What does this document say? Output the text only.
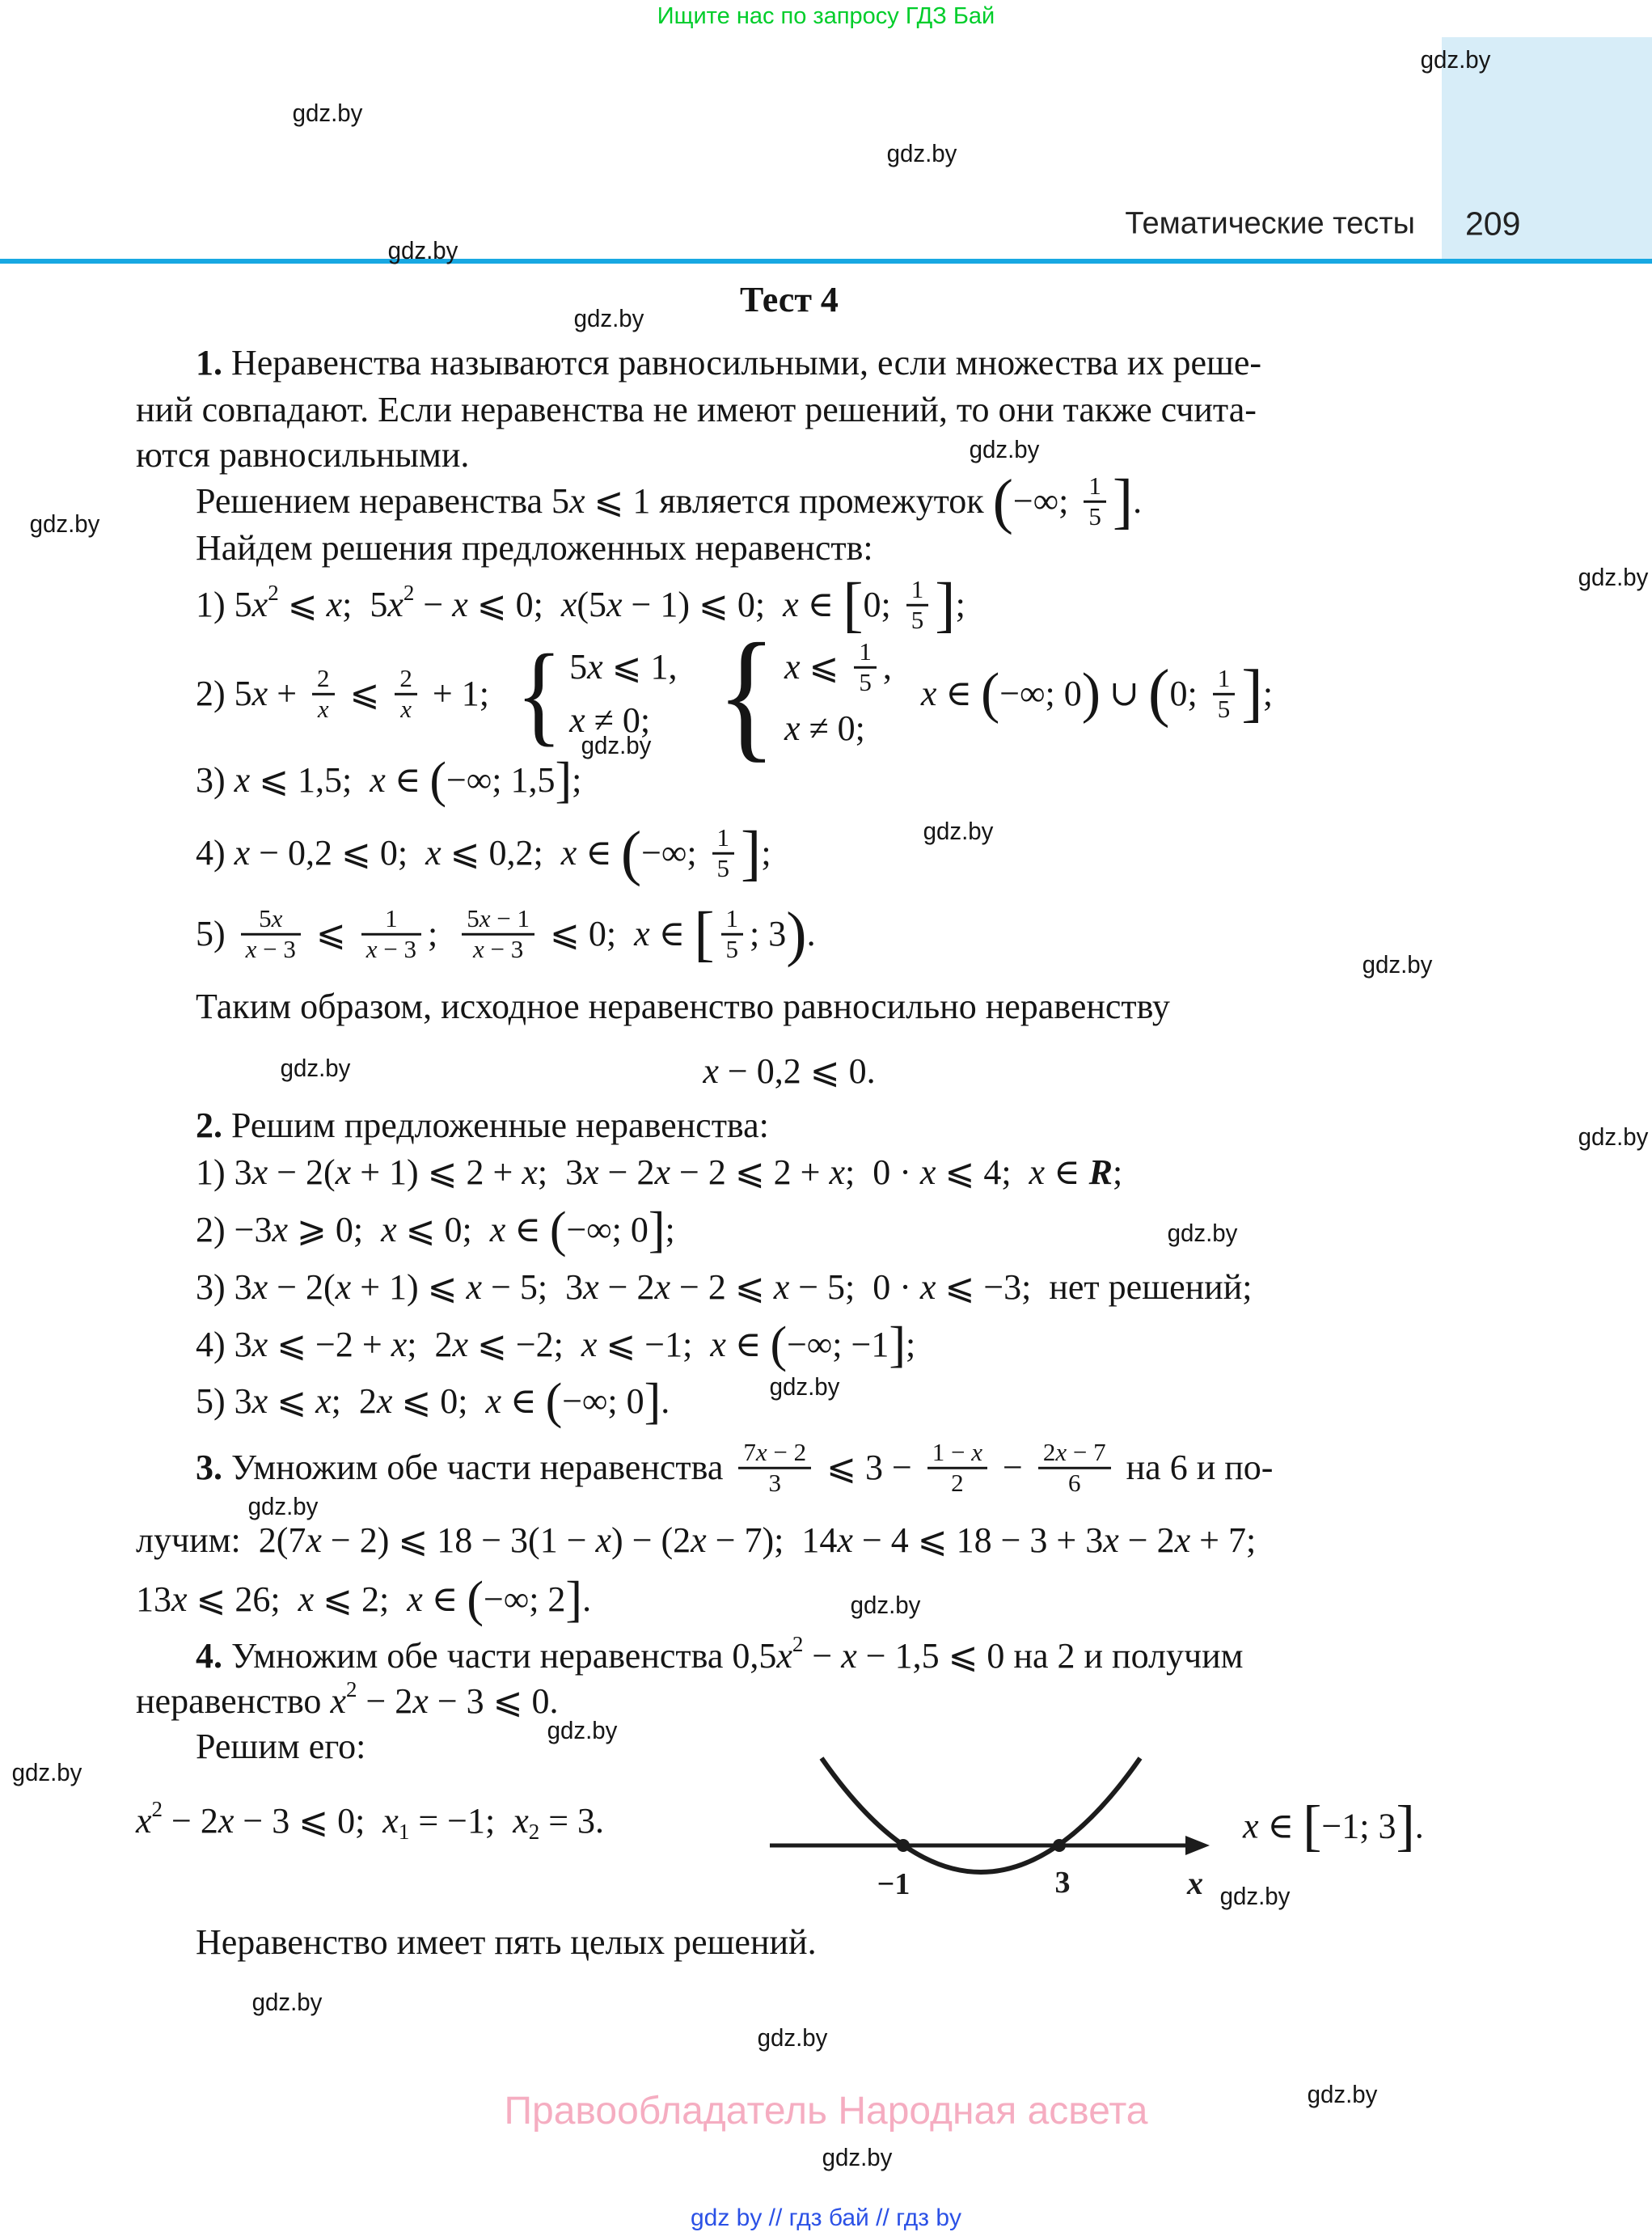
Ищите нас по запросу ГДЗ Бай
Тематические тесты 209
Правообладатель Народная асвета
gdz by // гдз бай // гдз by
gdz.by
gdz.by
gdz.by
gdz.by
gdz.by
gdz.by
gdz.by
gdz.by
gdz.by
gdz.by
gdz.by
gdz.by
gdz.by
gdz.by
gdz.by
gdz.by
gdz.by
gdz.by
gdz.by
gdz.by
gdz.by
gdz.by
gdz.by
gdz.by
Тест 4
1. Неравенства называются равносильными, если множества их реше-
ний совпадают. Если неравенства не имеют решений, то они также счита-
ются равносильными.
Решением неравенства 5x ⩽ 1 является промежуток ( −∞; $\frac{1}{5}$ ] .
Найдем решения предложенных неравенств:
1) 5x 2 ⩽ x;  5x 2 − x ⩽ 0;  x(5x − 1) ⩽ 0;  x ∈ [ 0; $\frac{1}{5}$ ] ;
2) $5x + \frac{2}{x}$ ⩽ $\frac{2}{x} + 1$; { 5x ⩽ 1,
x ≠ 0; { x ⩽ $\frac{1}{5}$ ,
x ≠ 0;
x ∈ ( −∞; 0 ) ∪ ( 0; $\frac{1}{5}$ ] ;
3) x ⩽ 1,5;  x ∈ ( −∞; 1,5 ] ;
4) x − 0,2 ⩽ 0;  x ⩽ 0,2;  x ∈ ( −∞; $\frac{1}{5}$ ] ;
$5) \frac{5x}{x - 3}$ ⩽ $\frac{1}{x - 3}$ ; $\frac{5x - 1}{x - 3}$ ⩽ 0;  x ∈ [ $\frac{1}{5}$ ; 3 ) .
Таким образом, исходное неравенство равносильно неравенству
x − 0,2 ⩽ 0.
2. Решим предложенные неравенства:
1) 3x − 2(x + 1) ⩽ 2 + x;  3x − 2x − 2 ⩽ 2 + x;  0 · x ⩽ 4;  x ∈ R ;
2) −3x ⩾ 0;  x ⩽ 0;  x ∈ ( −∞; 0 ] ;
3) 3x − 2(x + 1) ⩽ x − 5;  3x − 2x − 2 ⩽ x − 5;  0 · x ⩽ −3; нет решений;
4) 3x ⩽ −2 + x;  2x ⩽ −2;  x ⩽ −1;  x ∈ ( −∞; −1 ] ;
5) 3x ⩽ x;  2x ⩽ 0;  x ∈ ( −∞; 0 ] .
3. Умножим обе части неравенства $\frac{7x - 2}{3}$ ⩽ $3 - \frac{1 - x}{2} - \frac{2x - 7}{6}$ на 6 и по-
лучим: 2(7x − 2) ⩽ 18 − 3(1 − x) − (2x − 7);  14x − 4 ⩽ 18 − 3 + 3x − 2x + 7;
13x ⩽ 26;  x ⩽ 2;  x ∈ ( −∞; 2 ] .
4. Умножим обе части неравенства 0,5x 2 − x − 1,5 ⩽ 0 на 2 и получим
неравенство x 2 − 2x − 3 ⩽ 0.
Решим его:
x 2 − 2x − 3 ⩽ 0;  x 1 = −1;  x 2 = 3.	x ∈ [ −1; 3 ] .
Неравенство имеет пять целых решений.
−1	3	x
